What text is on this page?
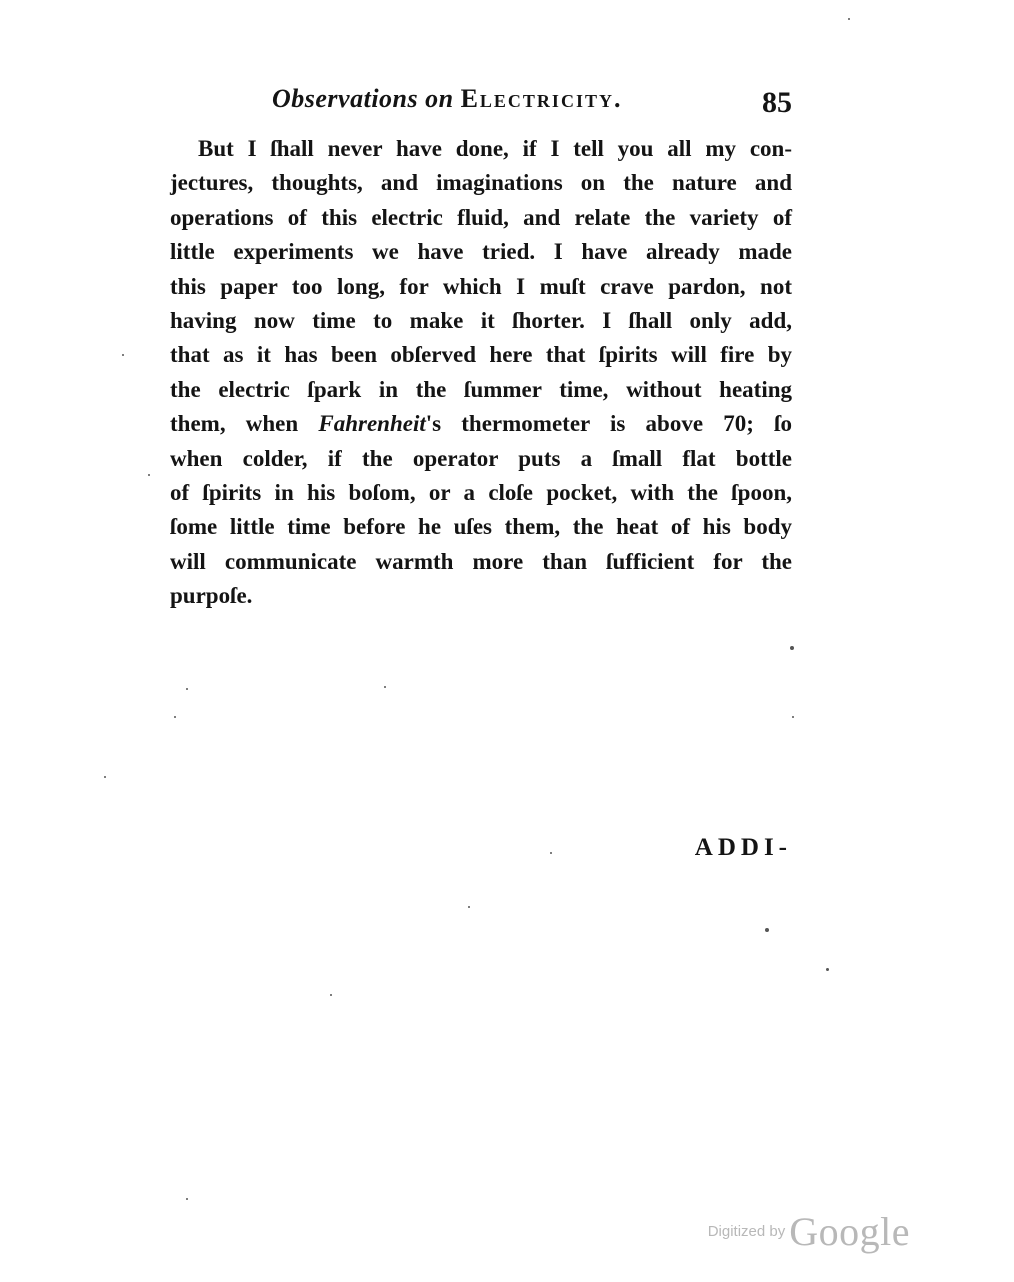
Observations on Electricity.	85
But I ſhall never have done, if I tell you all my con-
jectures, thoughts, and imaginations on the nature and
operations of this electric fluid, and relate the variety of
little experiments we have tried. I have already made
this paper too long, for which I muſt crave pardon, not
having now time to make it ſhorter. I ſhall only add,
that as it has been obſerved here that ſpirits will fire by
the electric ſpark in the ſummer time, without heating
them, when Fahrenheit's thermometer is above 70; ſo
when colder, if the operator puts a ſmall flat bottle
of ſpirits in his boſom, or a cloſe pocket, with the ſpoon,
ſome little time before he uſes them, the heat of his body
will communicate warmth more than ſufficient for the
purpoſe.
ADDI-
Digitized by Google
